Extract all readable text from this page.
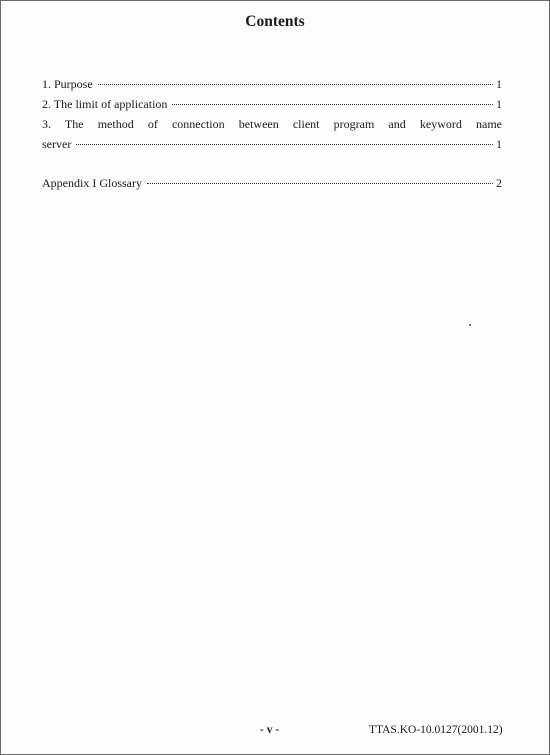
Contents
1. Purpose	1
2. The limit of application	1
3. The method of connection between client program and keyword name
server	1
Appendix I Glossary	2
- v -	TTAS.KO-10.0127(2001.12)
